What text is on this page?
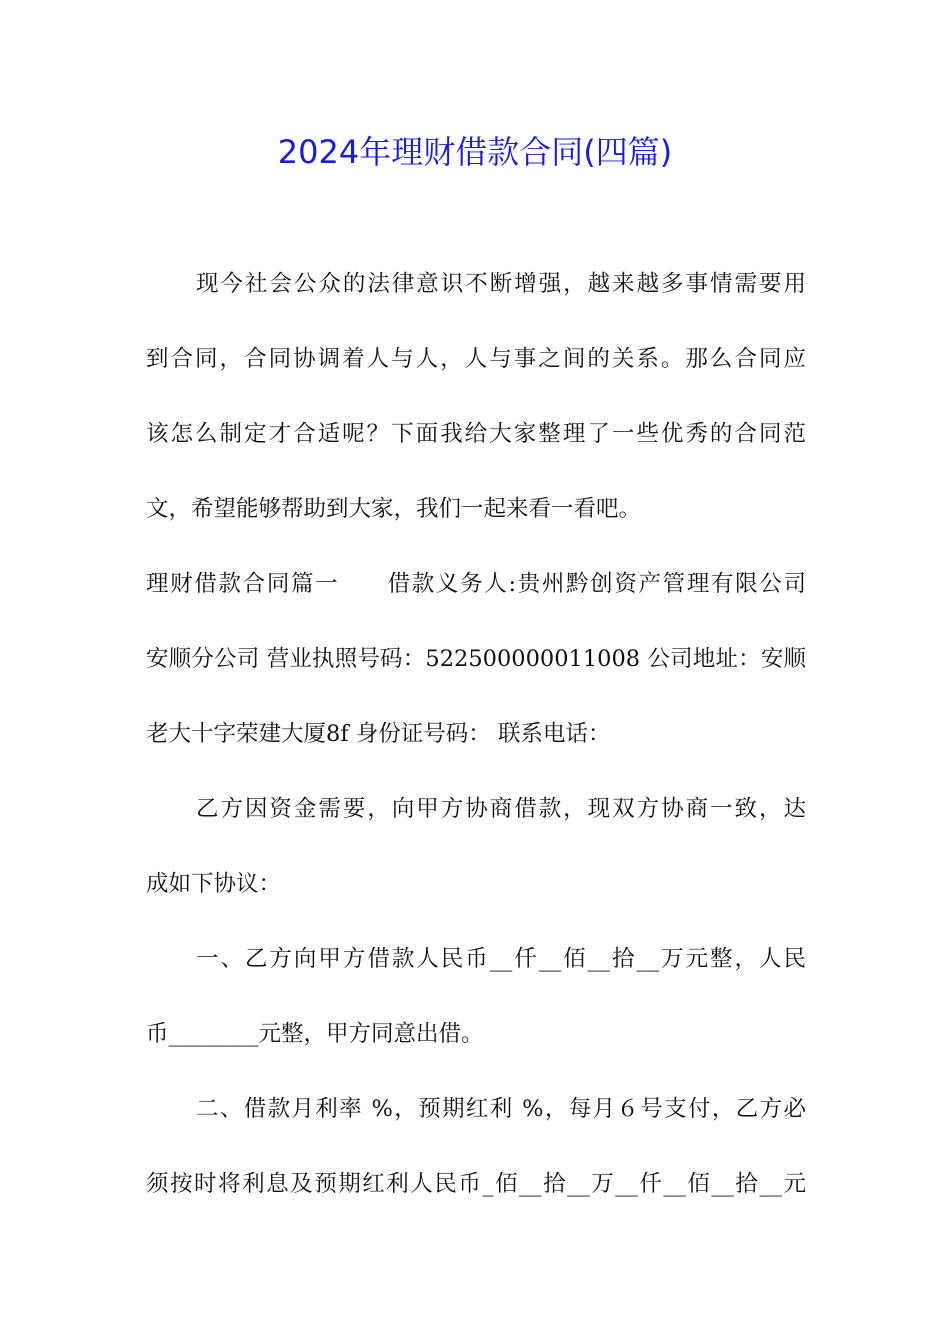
2024年理财借款合同(四篇)
现今社会公众的法律意识不断增强，越来越多事情需要用
到合同，合同协调着人与人，人与事之间的关系。那么合同应
该怎么制定才合适呢？下面我给大家整理了一些优秀的合同范
文，希望能够帮助到大家，我们一起来看一看吧。
理财借款合同篇一　　借款义务人:贵州黔创资产管理有限公司
安顺分公司 营业执照号码：522500000011008 公司地址：安顺
老大十字荣建大厦8f 身份证号码： 联系电话：
乙方因资金需要，向甲方协商借款，现双方协商一致，达
成如下协议：
一、乙方向甲方借款人民币__仟__佰__拾__万元整，人民
币________元整，甲方同意出借。
二、借款月利率 %，预期红利 %，每月６号支付，乙方必
须按时将利息及预期红利人民币_佰__拾__万__仟__佰__拾__元
